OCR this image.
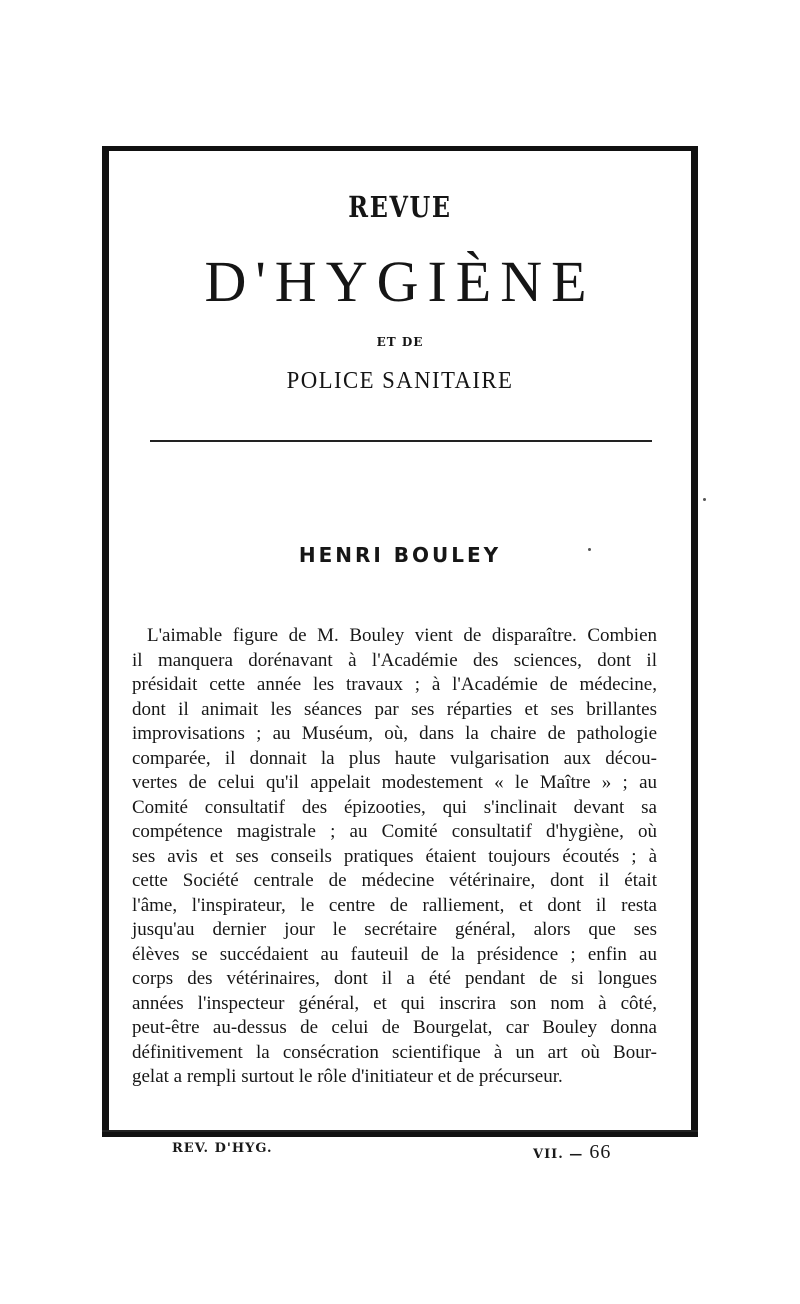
REVUE
D'HYGIÈNE
ET DE
POLICE SANITAIRE
HENRI BOULEY
L'aimable figure de M. Bouley vient de disparaître. Combien
il manquera dorénavant à l'Académie des sciences, dont il
présidait cette année les travaux ; à l'Académie de médecine,
dont il animait les séances par ses réparties et ses brillantes
improvisations ; au Muséum, où, dans la chaire de pathologie
comparée, il donnait la plus haute vulgarisation aux décou-
vertes de celui qu'il appelait modestement « le Maître » ; au
Comité consultatif des épizooties, qui s'inclinait devant sa
compétence magistrale ; au Comité consultatif d'hygiène, où
ses avis et ses conseils pratiques étaient toujours écoutés ; à
cette Société centrale de médecine vétérinaire, dont il était
l'âme, l'inspirateur, le centre de ralliement, et dont il resta
jusqu'au dernier jour le secrétaire général, alors que ses
élèves se succédaient au fauteuil de la présidence ; enfin au
corps des vétérinaires, dont il a été pendant de si longues
années l'inspecteur général, et qui inscrira son nom à côté,
peut-être au-dessus de celui de Bourgelat, car Bouley donna
définitivement la consécration scientifique à un art où Bour-
gelat a rempli surtout le rôle d'initiateur et de précurseur.
REV. D'HYG.	VII. — 66
